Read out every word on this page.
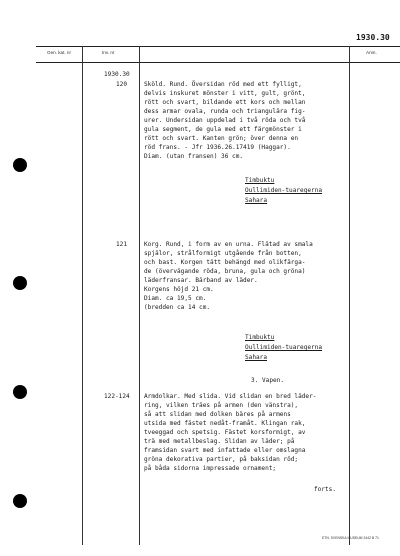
1930.30
Gen. kat. nr	Inv. nr	Anm.
1930.30
120	Sköld. Rund. Översidan röd med ett fylligt,
delvis inskuret mönster i vitt, gult, grönt,
rött och svart, bildande ett kors och mellan
dess armar ovala, runda och triangulära fig-
urer. Undersidan uppdelad i två röda och två
gula segment, de gula med ett färgmönster i
rött och svart. Kanten grön; över denna en
röd frans. - Jfr 1936.26.17419 (Haggar).
Diam. (utan fransen) 36 cm.
Timbuktu
Oullimiden-tuaregerna
Sahara
121	Korg. Rund, i form av en urna. Flätad av smala
spjälor, strålformigt utgående från botten,
och bast. Korgen tätt behängd med olikfärga-
de (övervägande röda, bruna, gula och gröna)
läderfransar. Bärband av läder.
Korgens höjd 21 cm.
Diam. ca 19,5 cm.
(bredden ca 14 cm.
Timbuktu
Oullimiden-tuaregerna
Sahara
3. Vapen.
122-124 Armdolkar. Med slida. Vid slidan en bred läder-
ring, vilken träes på armen (den vänstra),
så att slidan med dolken bäres på armens
utsida med fästet nedåt-framåt. Klingan rak,
tveeggad och spetsig. Fästet korsformigt, av
trä med metallbeslag. Slidan av läder; på
framsidan svart med infattade eller omslagna
gröna dekorativa partier, på baksidan röd;
på båda sidorna impressade ornament;
forts.
ETN. SVENSKA MUSEUM 2442 B 71
